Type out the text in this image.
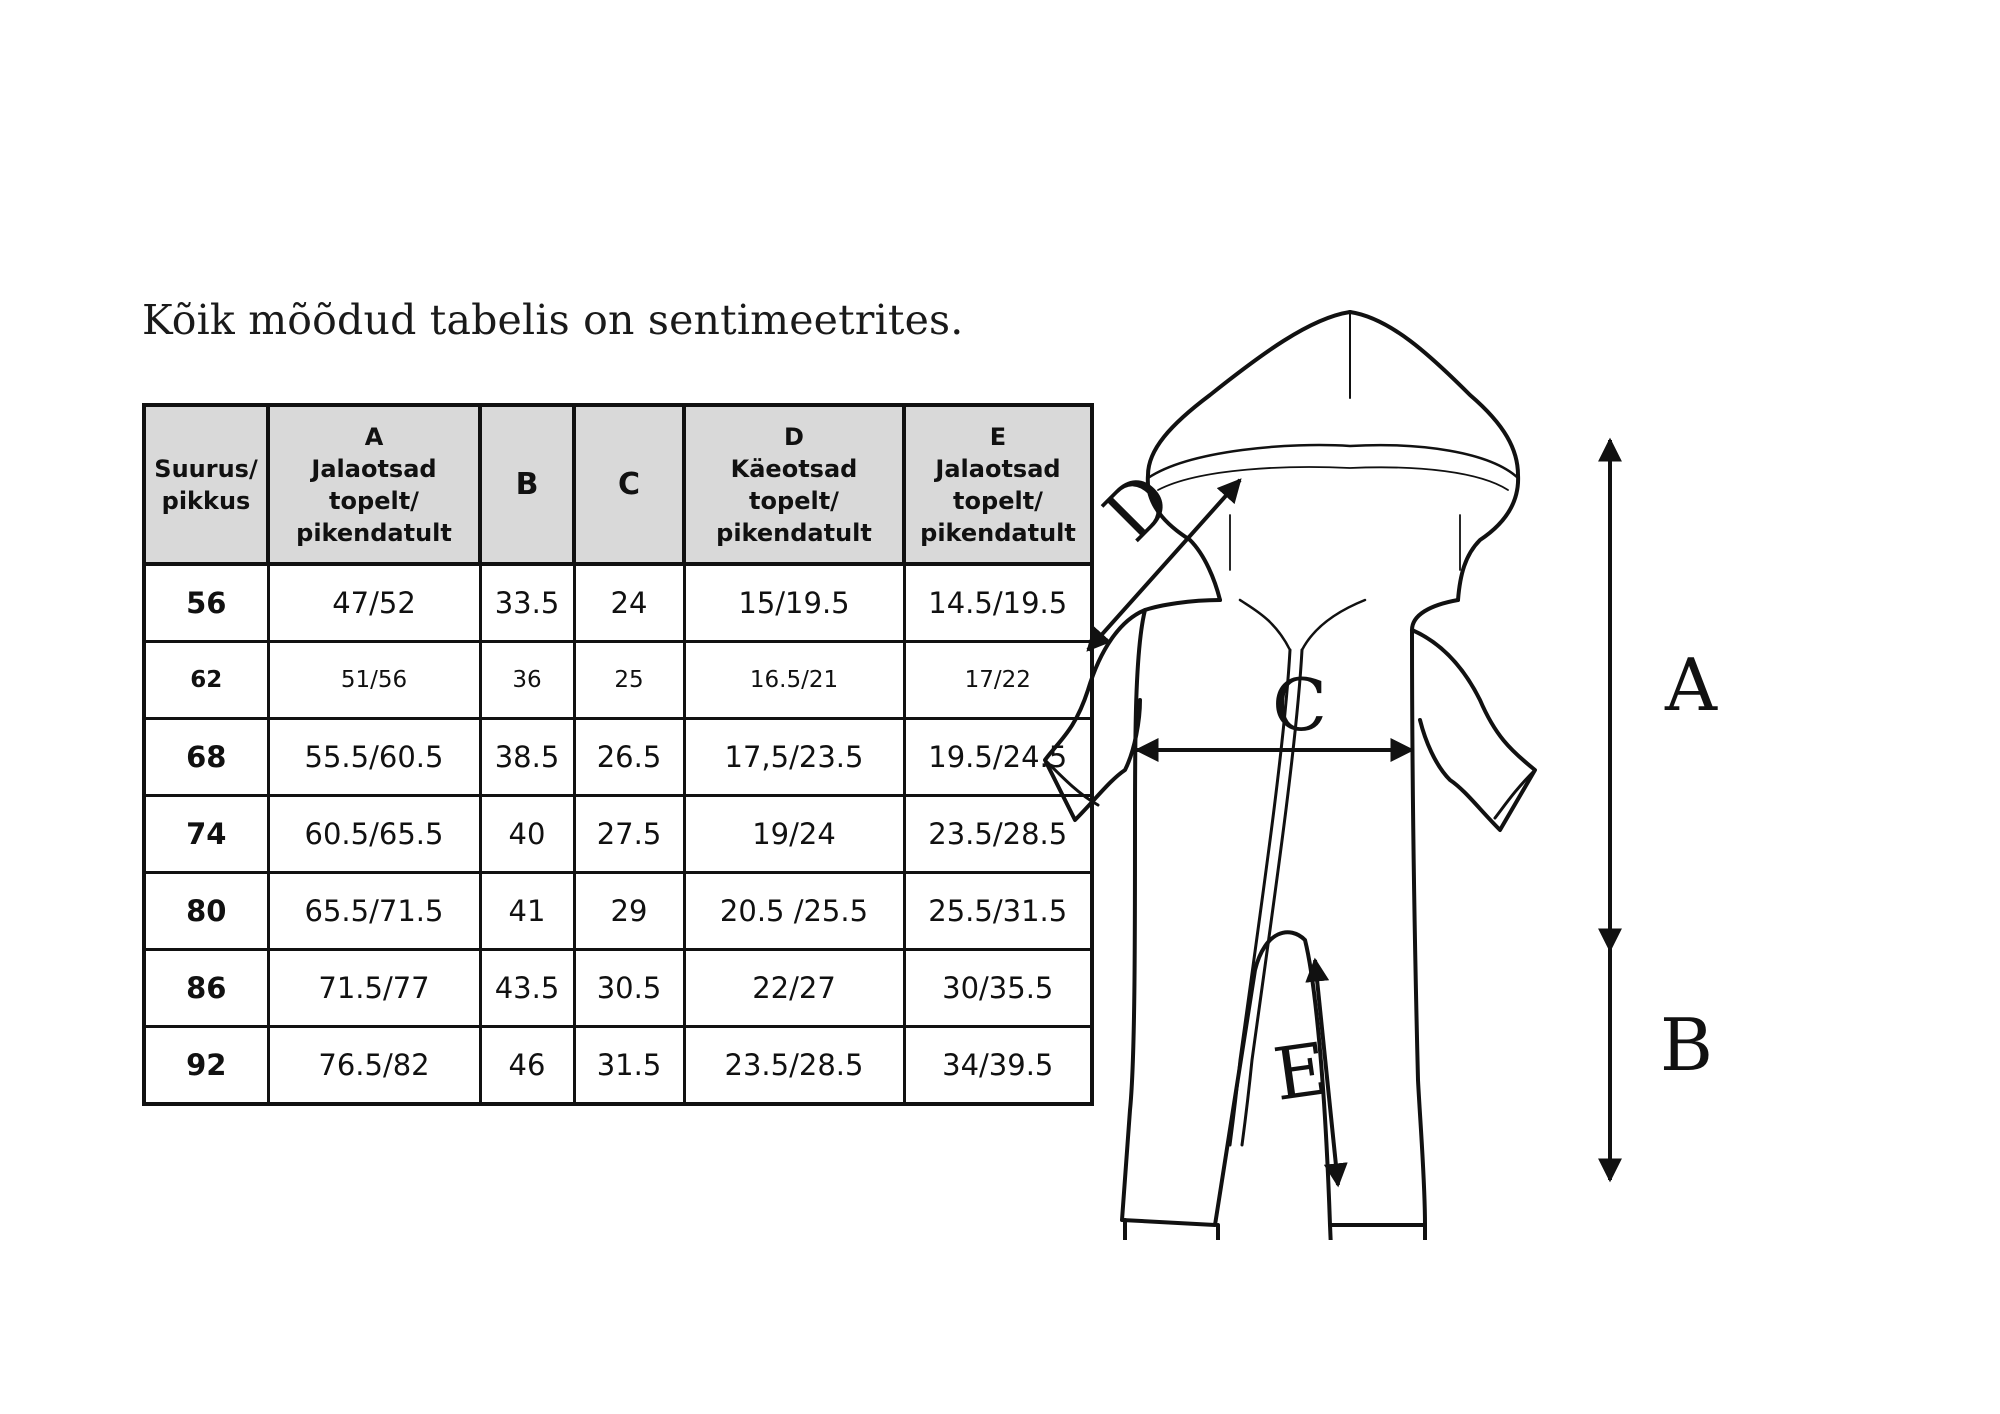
Kõik mõõdud tabelis on sentimeetrites.
Suurus/
pikkus	A
Jalaotsad
topelt/
pikendatult	B	C	D
Käeotsad
topelt/
pikendatult	E
Jalaotsad
topelt/
pikendatult

56	47/52	33.5	24	15/19.5	14.5/19.5
62	51/56	36	25	16.5/21	17/22
68	55.5/60.5	38.5	26.5	17,5/23.5	19.5/24.5
74	60.5/65.5	40	27.5	19/24	23.5/28.5
80	65.5/71.5	41	29	20.5 /25.5	25.5/31.5
86	71.5/77	43.5	30.5	22/27	30/35.5
92	76.5/82	46	31.5	23.5/28.5	34/39.5
D
C
E
A
B
